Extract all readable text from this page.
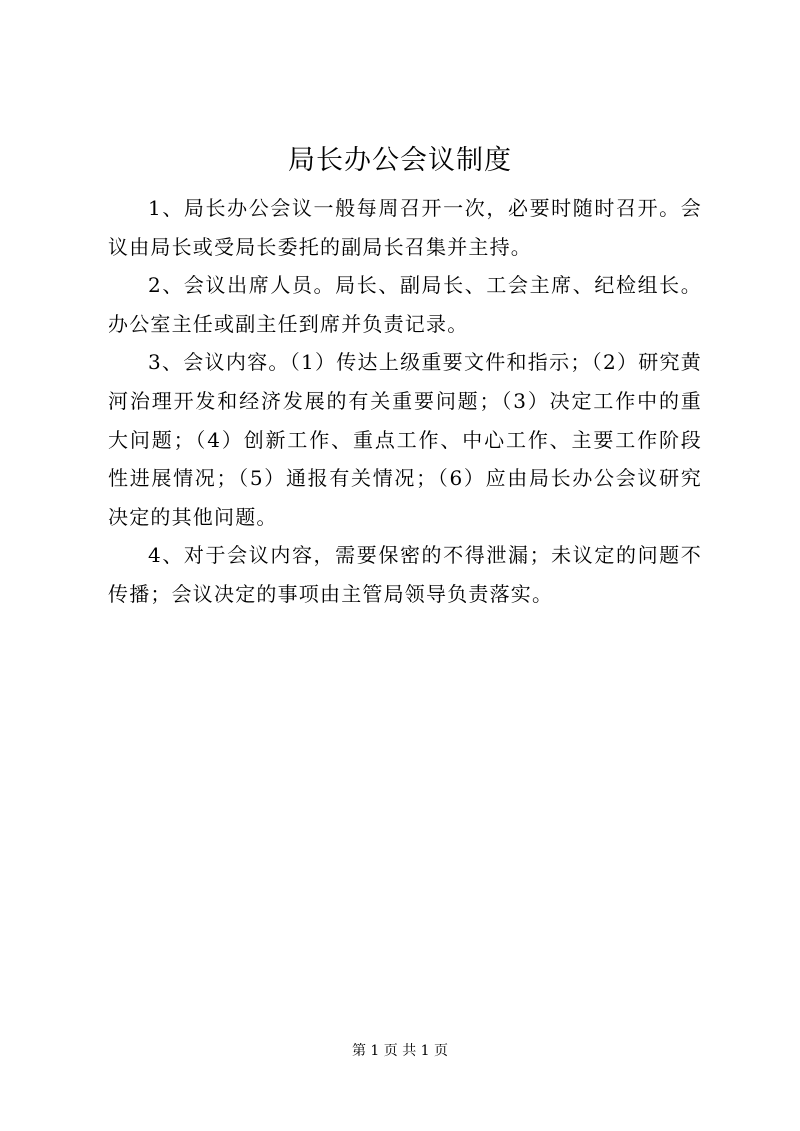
局长办公会议制度

1、局长办公会议一般每周召开一次，必要时随时召开。会议由局长或受局长委托的副局长召集并主持。

2、会议出席人员。局长、副局长、工会主席、纪检组长。办公室主任或副主任到席并负责记录。

3、会议内容。（1）传达上级重要文件和指示；（2）研究黄河治理开发和经济发展的有关重要问题；（3）决定工作中的重大问题；（4）创新工作、重点工作、中心工作、主要工作阶段性进展情况；（5）通报有关情况；（6）应由局长办公会议研究决定的其他问题。

4、对于会议内容，需要保密的不得泄漏；未议定的问题不传播；会议决定的事项由主管局领导负责落实。

第 1 页 共 1 页
